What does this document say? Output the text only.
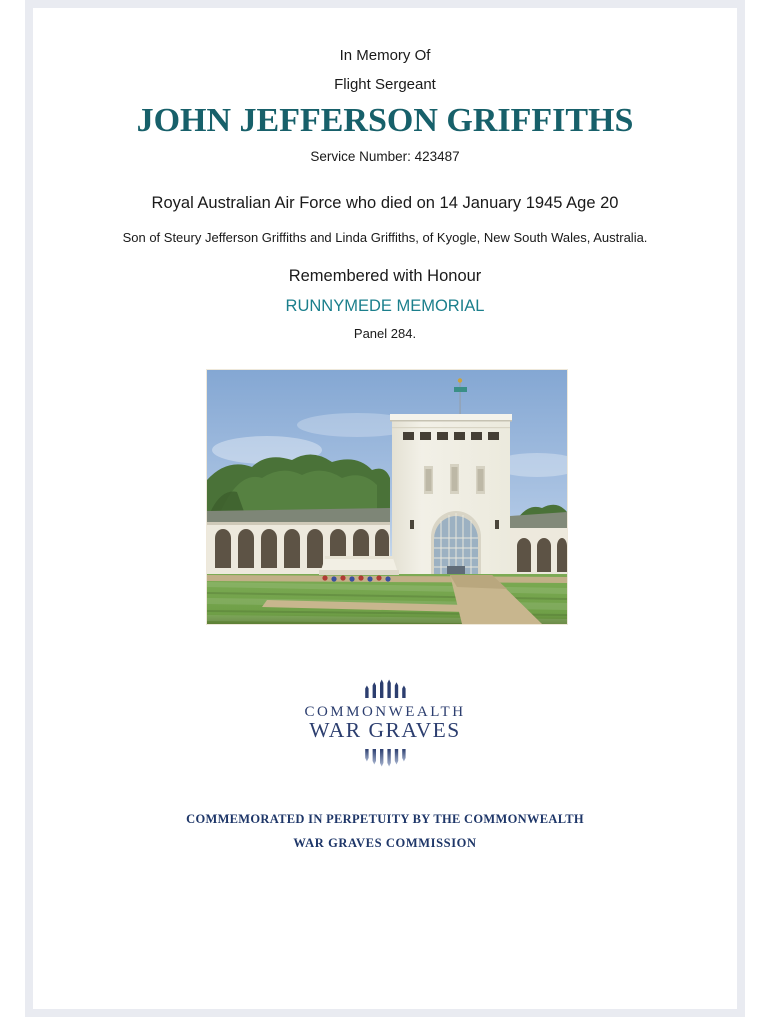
In Memory Of
Flight Sergeant
JOHN JEFFERSON GRIFFITHS
Service Number: 423487
Royal Australian Air Force who died on 14 January 1945 Age 20
Son of Steury Jefferson Griffiths and Linda Griffiths, of Kyogle, New South Wales, Australia.
Remembered with Honour
RUNNYMEDE MEMORIAL
Panel 284.
COMMONWEALTH
WAR GRAVES
COMMEMORATED IN PERPETUITY BY THE COMMONWEALTH
WAR GRAVES COMMISSION
